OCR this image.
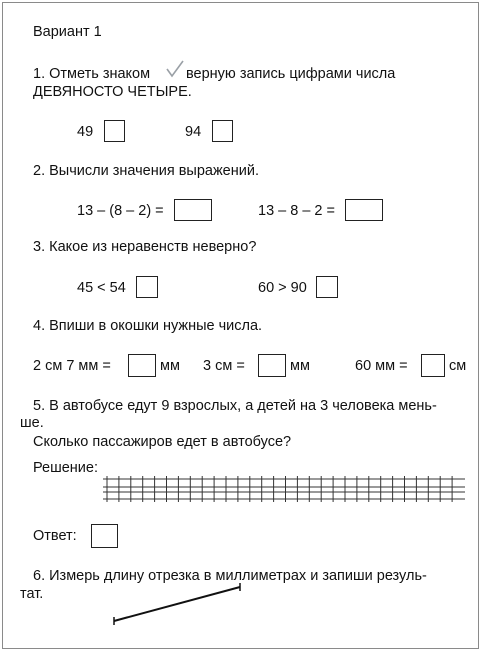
Вариант 1
1. Отметь знаком верную запись цифрами числа
ДЕВЯНОСТО ЧЕТЫРЕ.
49	94
2. Вычисли значения выражений.
13 – (8 – 2) =	13 – 8 – 2 =
3. Какое из неравенств неверно?
45 < 54	60 > 90
4. Впиши в окошки нужные числа.
2 см 7 мм =	мм 3 см =	мм	60 мм =	см
5. В автобусе едут 9 взрослых, а детей на 3 человека мень-
ше.
Сколько пассажиров едет в автобусе?
Решение:
Ответ:
6. Измерь длину отрезка в миллиметрах и запиши резуль-
тат.
